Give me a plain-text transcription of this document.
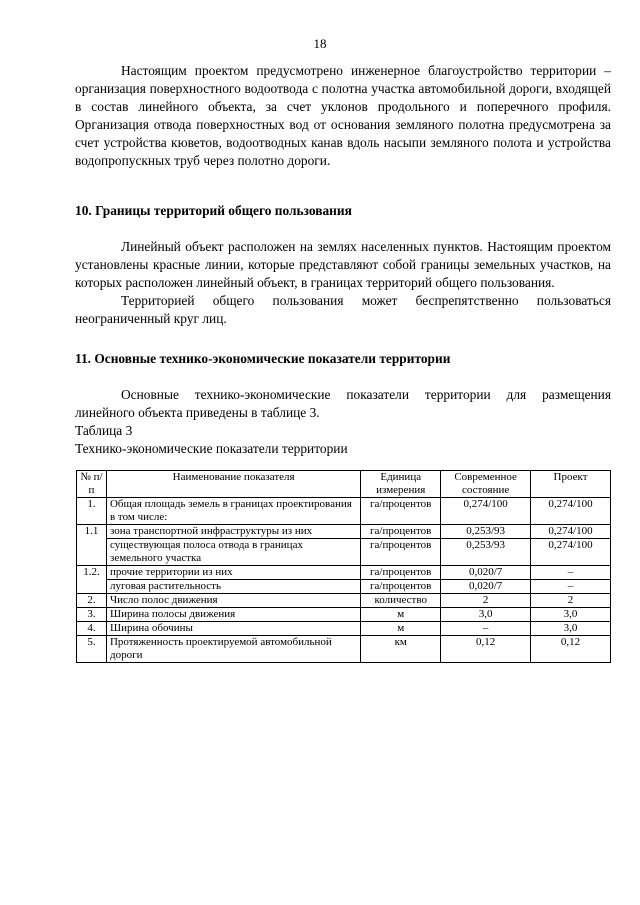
18

Настоящим проектом предусмотрено инженерное благоустройство территории – организация поверхностного водоотвода с полотна участка автомобильной дороги, входящей в состав линейного объекта, за счет уклонов продольного и поперечного профиля. Организация отвода поверхностных вод от основания земляного полотна предусмотрена за счет устройства кюветов, водоотводных канав вдоль насыпи земляного полота и устройства водопропускных труб через полотно дороги.

10. Границы территорий общего пользования

Линейный объект расположен на землях населенных пунктов. Настоящим проектом установлены красные линии, которые представляют собой границы земельных участков, на которых расположен линейный объект, в границах территорий общего пользования.

Территорией общего пользования может беспрепятственно пользоваться неограниченный круг лиц.

11. Основные технико-экономические показатели территории

Основные технико-экономические показатели территории для размещения линейного объекта приведены в таблице 3.

Таблица 3

Технико-экономические показатели территории

№ п/п	Наименование показателя	Единица измерения	Современное состояние	Проект
1.	Общая площадь земель в границах проектирования в том числе:	га/процентов	0,274/100	0,274/100
1.1	зона транспортной инфраструктуры из них	га/процентов	0,253/93	0,274/100
	существующая полоса отвода в границах земельного участка	га/процентов	0,253/93	0,274/100
1.2.	прочие территории из них	га/процентов	0,020/7	–
	луговая растительность	га/процентов	0,020/7	–
2.	Число полос движения	количество	2	2
3.	Ширина полосы движения	м	3,0	3,0
4.	Ширина обочины	м	–	3,0
5.	Протяженность проектируемой автомобильной дороги	км	0,12	0,12
